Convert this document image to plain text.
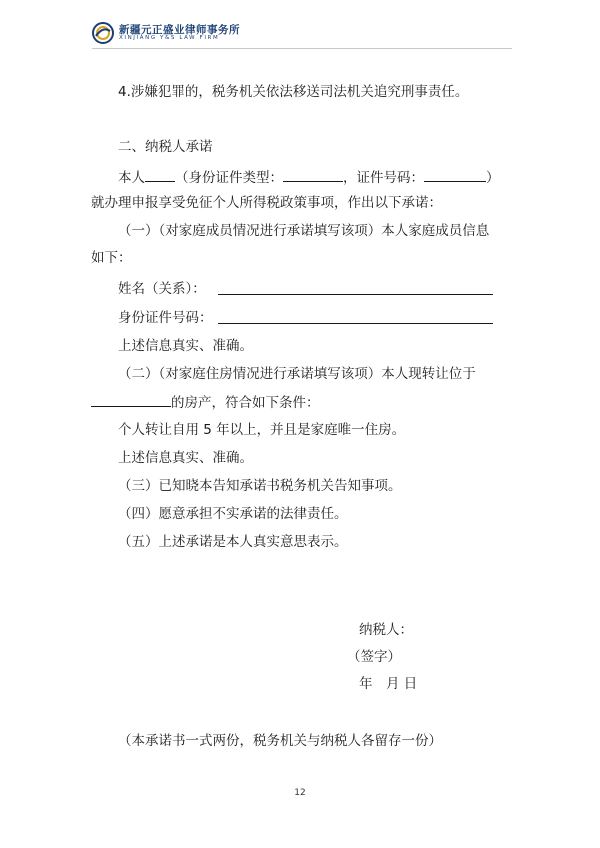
新疆元正盛业律师事务所
XINJIANG Y&S LAW FIRM
4.涉嫌犯罪的，税务机关依法移送司法机关追究刑事责任。
二、纳税人承诺
本人 （身份证件类型：	，证件号码：	）
就办理申报享受免征个人所得税政策事项，作出以下承诺：
（一）（对家庭成员情况进行承诺填写该项）本人家庭成员信息
如下：
姓名（关系）：
身份证件号码：
上述信息真实、准确。
（二）（对家庭住房情况进行承诺填写该项）本人现转让位于
的房产，符合如下条件：
个人转让自用 5 年以上，并且是家庭唯一住房。
上述信息真实、准确。
（三）已知晓本告知承诺书税务机关告知事项。
（四）愿意承担不实承诺的法律责任。
（五）上述承诺是本人真实意思表示。
纳税人：
（签字）
年　月 日
（本承诺书一式两份，税务机关与纳税人各留存一份）
12
